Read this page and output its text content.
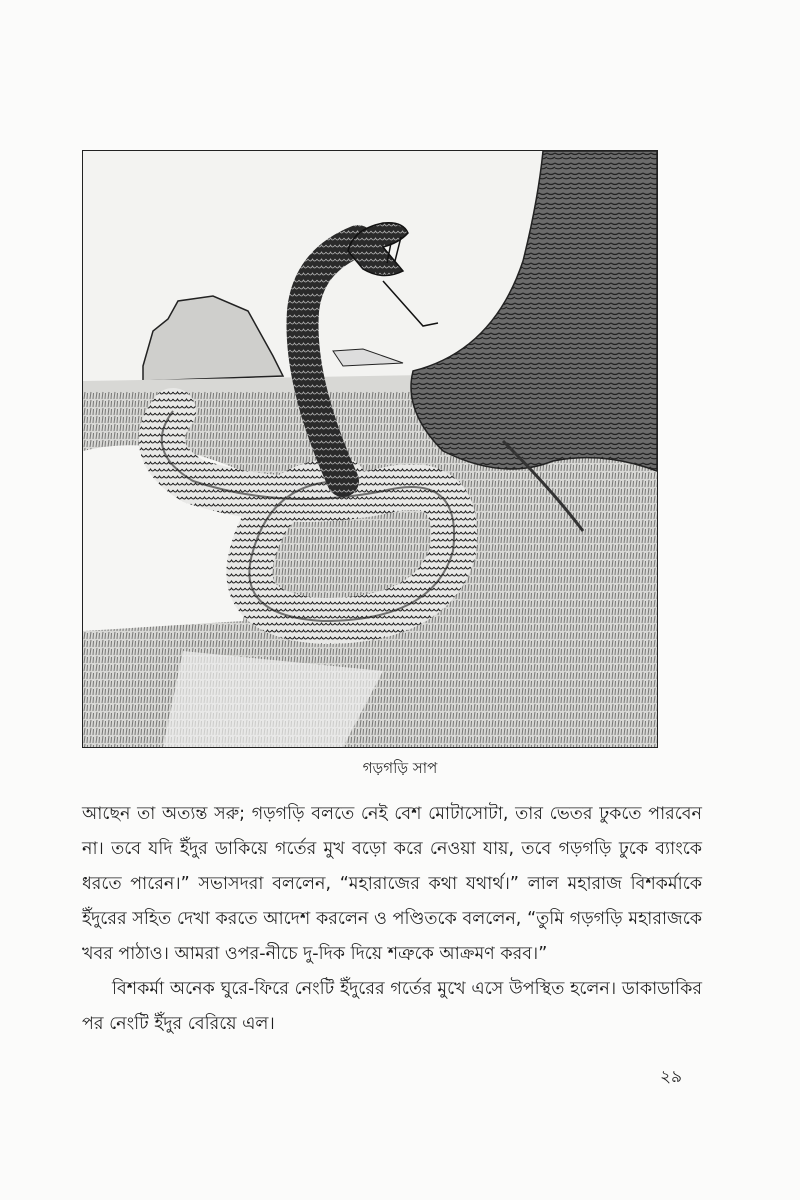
গড়গড়ি সাপ

আছেন তা অত্যন্ত সরু; গড়গড়ি বলতে নেই বেশ মোটাসোটা, তার ভেতর ঢুকতে পারবেন না। তবে যদি ইঁদুর ডাকিয়ে গর্তের মুখ বড়ো করে নেওয়া যায়, তবে গড়গড়ি ঢুকে ব্যাংকে ধরতে পারেন।” সভাসদরা বললেন, “মহারাজের কথা যথার্থ।” লাল মহারাজ বিশকর্মাকে ইঁদুরের সহিত দেখা করতে আদেশ করলেন ও পণ্ডিতকে বললেন, “তুমি গড়গড়ি মহারাজকে খবর পাঠাও। আমরা ওপর-নীচে দু-দিক দিয়ে শত্রুকে আক্রমণ করব।”

বিশকর্মা অনেক ঘুরে-ফিরে নেংটি ইঁদুরের গর্তের মুখে এসে উপস্থিত হলেন। ডাকাডাকির পর নেংটি ইঁদুর বেরিয়ে এল।

২৯
